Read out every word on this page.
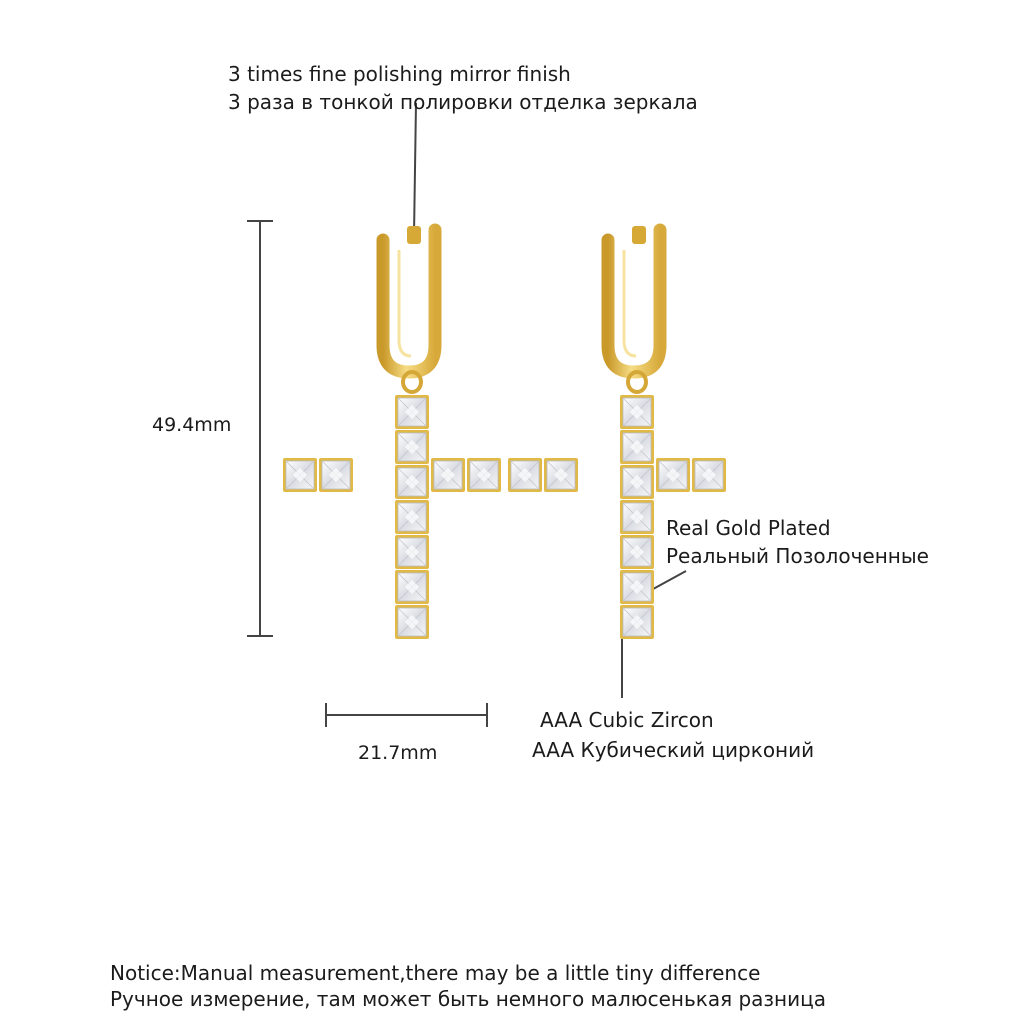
3 times fine polishing mirror finish
3 раза в тонкой полировки отделка зеркала
Real Gold Plated
Реальный Позолоченные
AAA Cubic Zircon
AAA Кубический цирконий
49.4mm
21.7mm
Notice:Manual measurement,there may be a little tiny difference
Ручное измерение, там может быть немного малюсенькая разница
